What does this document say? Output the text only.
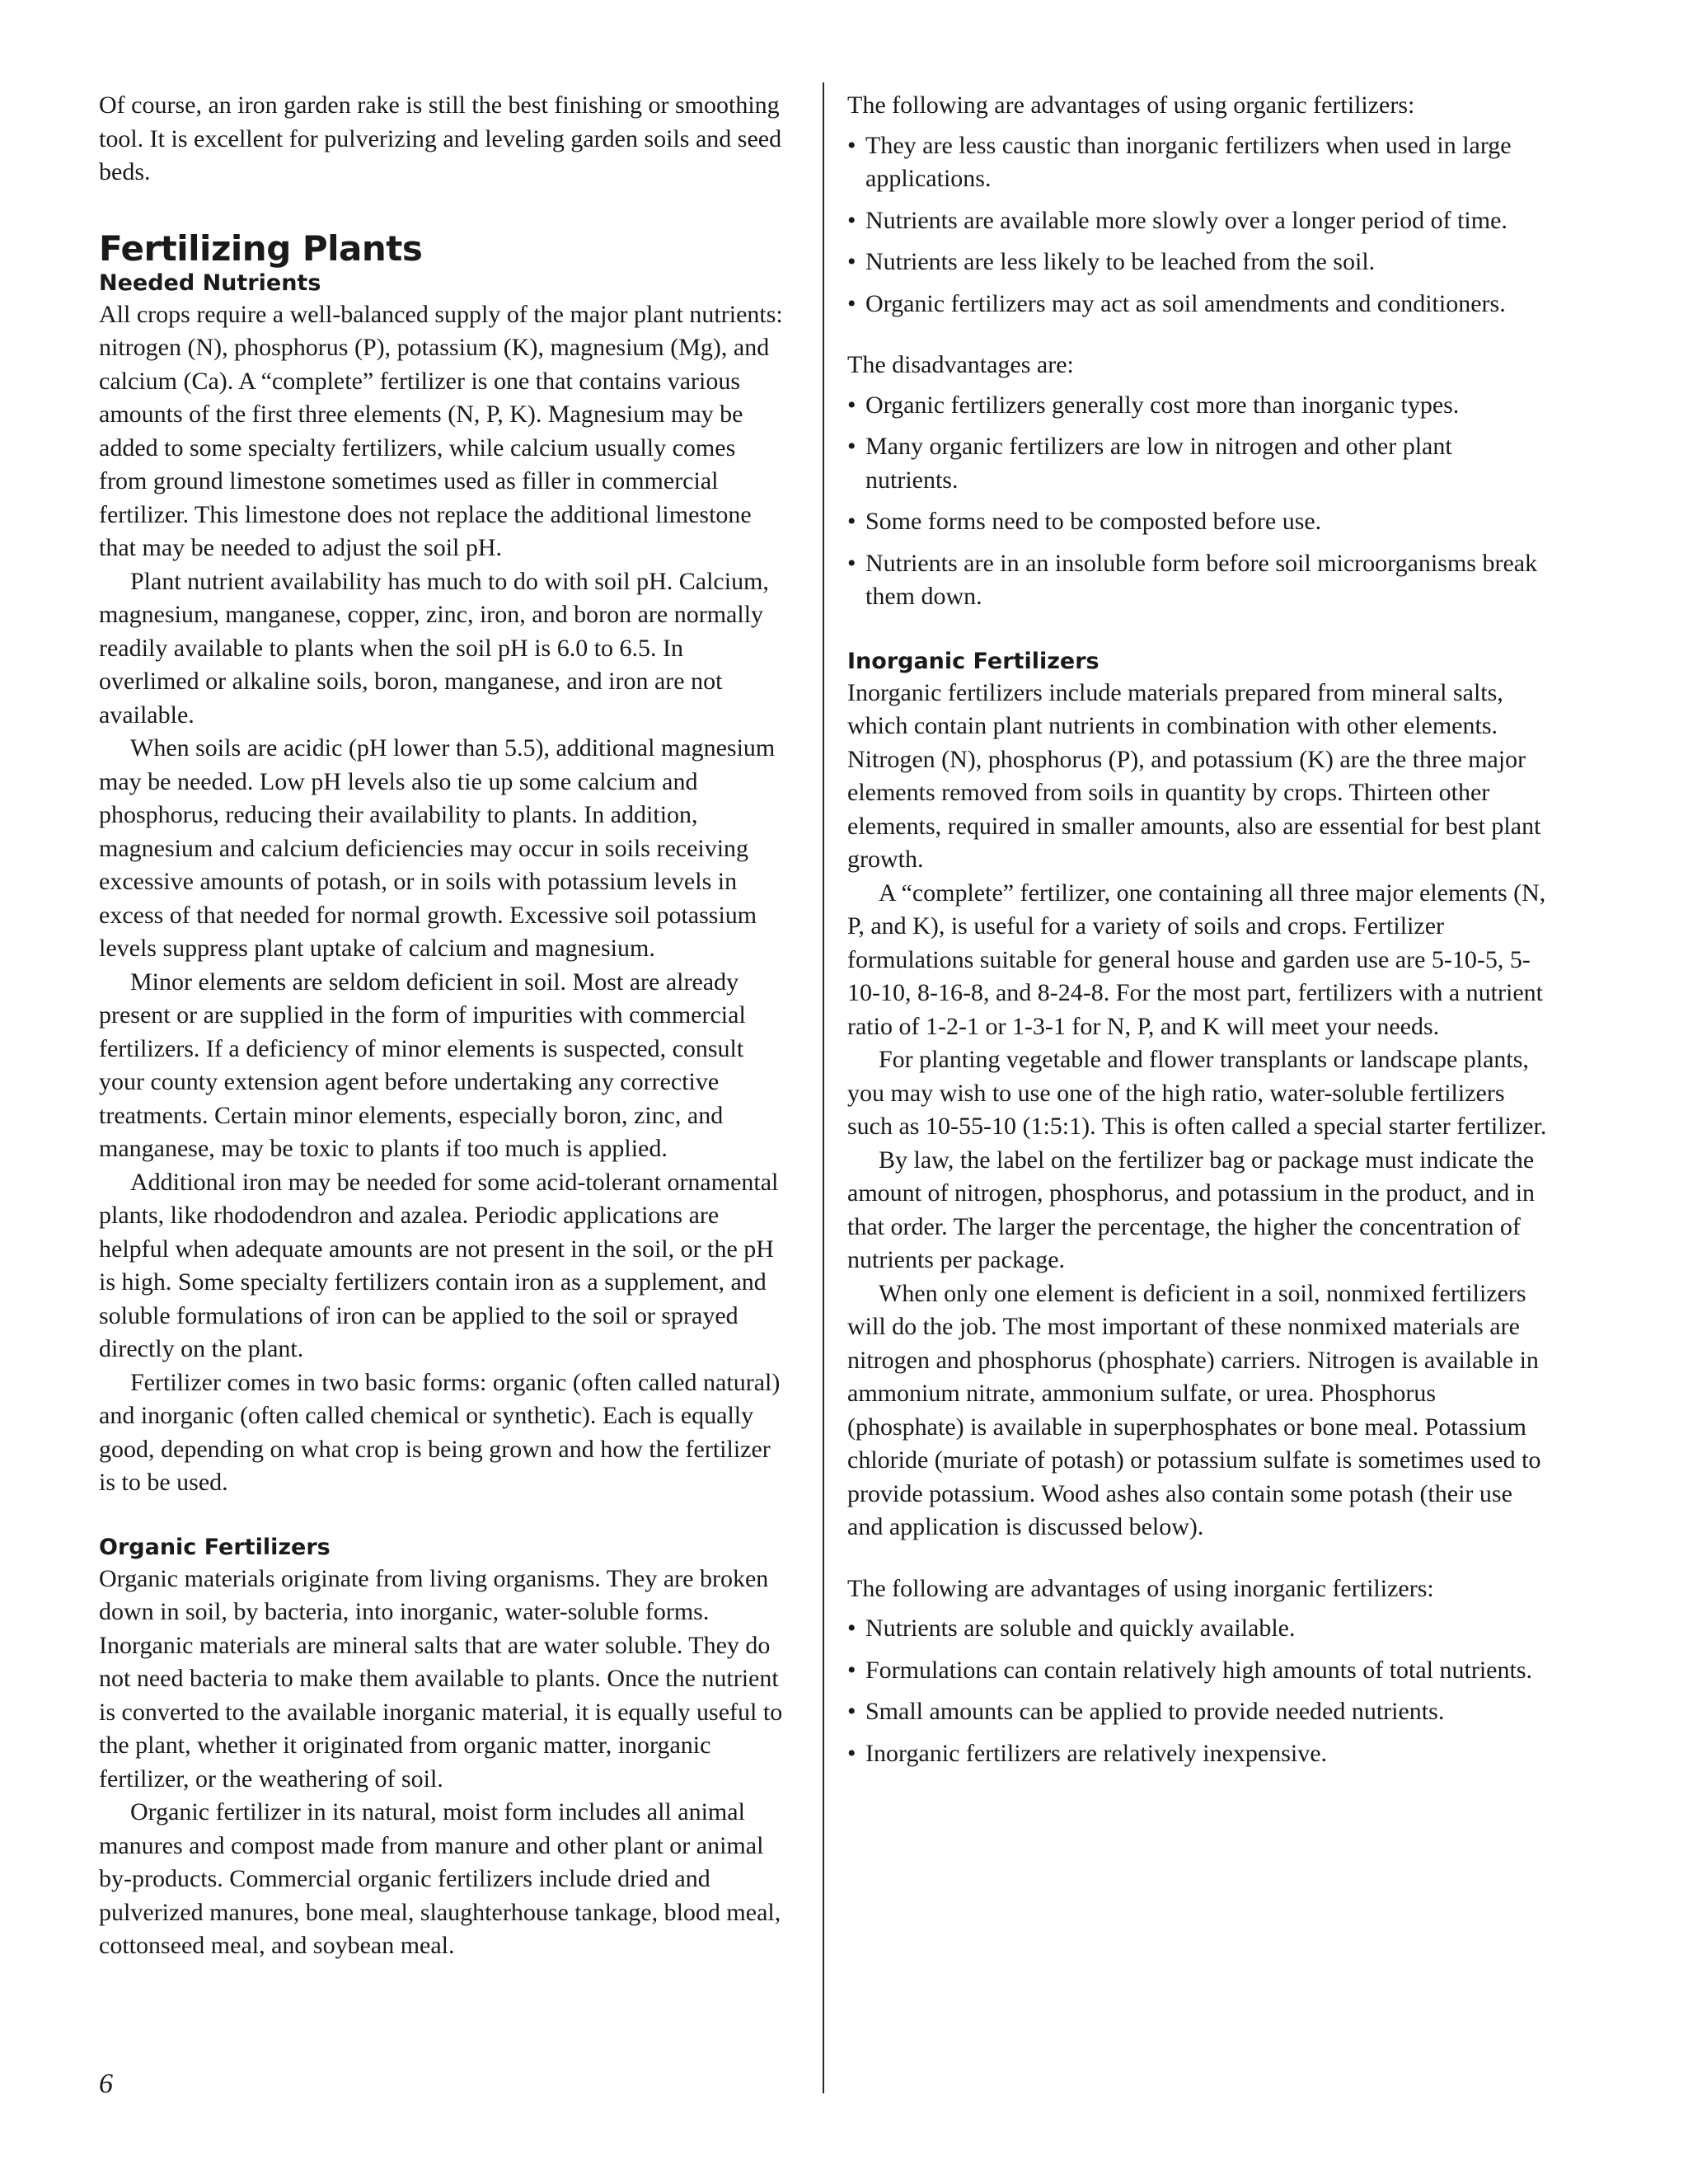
Of course, an iron garden rake is still the best finishing or smoothing tool. It is excellent for pulverizing and leveling garden soils and seed beds.

Fertilizing Plants
Needed Nutrients

All crops require a well-balanced supply of the major plant nutrients: nitrogen (N), phosphorus (P), potassium (K), magnesium (Mg), and calcium (Ca). A “complete” fertilizer is one that contains various amounts of the first three elements (N, P, K). Magnesium may be added to some specialty fertilizers, while calcium usually comes from ground limestone sometimes used as filler in commercial fertilizer. This limestone does not replace the additional limestone that may be needed to adjust the soil pH.

Plant nutrient availability has much to do with soil pH. Calcium, magnesium, manganese, copper, zinc, iron, and boron are normally readily available to plants when the soil pH is 6.0 to 6.5. In overlimed or alkaline soils, boron, manganese, and iron are not available.

When soils are acidic (pH lower than 5.5), additional magnesium may be needed. Low pH levels also tie up some calcium and phosphorus, reducing their availability to plants. In addition, magnesium and calcium deficiencies may occur in soils receiving excessive amounts of potash, or in soils with potassium levels in excess of that needed for normal growth. Excessive soil potassium levels suppress plant uptake of calcium and magnesium.

Minor elements are seldom deficient in soil. Most are already present or are supplied in the form of impurities with commercial fertilizers. If a deficiency of minor elements is suspected, consult your county extension agent before undertaking any corrective treatments. Certain minor elements, especially boron, zinc, and manganese, may be toxic to plants if too much is applied.

Additional iron may be needed for some acid-tolerant ornamental plants, like rhododendron and azalea. Periodic applications are helpful when adequate amounts are not present in the soil, or the pH is high. Some specialty fertilizers contain iron as a supplement, and soluble formulations of iron can be applied to the soil or sprayed directly on the plant.

Fertilizer comes in two basic forms: organic (often called natural) and inorganic (often called chemical or synthetic). Each is equally good, depending on what crop is being grown and how the fertilizer is to be used.

Organic Fertilizers

Organic materials originate from living organisms. They are broken down in soil, by bacteria, into inorganic, water-soluble forms. Inorganic materials are mineral salts that are water soluble. They do not need bacteria to make them available to plants. Once the nutrient is converted to the available inorganic material, it is equally useful to the plant, whether it originated from organic matter, inorganic fertilizer, or the weathering of soil.

Organic fertilizer in its natural, moist form includes all animal manures and compost made from manure and other plant or animal by-products. Commercial organic fertilizers include dried and pulverized manures, bone meal, slaughterhouse tankage, blood meal, cottonseed meal, and soybean meal.

The following are advantages of using organic fertilizers:

• They are less caustic than inorganic fertilizers when used in large applications.
• Nutrients are available more slowly over a longer period of time.
• Nutrients are less likely to be leached from the soil.
• Organic fertilizers may act as soil amendments and conditioners.

The disadvantages are:

• Organic fertilizers generally cost more than inorganic types.
• Many organic fertilizers are low in nitrogen and other plant nutrients.
• Some forms need to be composted before use.
• Nutrients are in an insoluble form before soil microorganisms break them down.
Inorganic Fertilizers

Inorganic fertilizers include materials prepared from mineral salts, which contain plant nutrients in combination with other elements. Nitrogen (N), phosphorus (P), and potassium (K) are the three major elements removed from soils in quantity by crops. Thirteen other elements, required in smaller amounts, also are essential for best plant growth.

A “complete” fertilizer, one containing all three major elements (N, P, and K), is useful for a variety of soils and crops. Fertilizer formulations suitable for general house and garden use are 5-10-5, 5-10-10, 8-16-8, and 8-24-8. For the most part, fertilizers with a nutrient ratio of 1-2-1 or 1-3-1 for N, P, and K will meet your needs.

For planting vegetable and flower transplants or landscape plants, you may wish to use one of the high ratio, water-soluble fertilizers such as 10-55-10 (1:5:1). This is often called a special starter fertilizer.

By law, the label on the fertilizer bag or package must indicate the amount of nitrogen, phosphorus, and potassium in the product, and in that order. The larger the percentage, the higher the concentration of nutrients per package.

When only one element is deficient in a soil, nonmixed fertilizers will do the job. The most important of these nonmixed materials are nitrogen and phosphorus (phosphate) carriers. Nitrogen is available in ammonium nitrate, ammonium sulfate, or urea. Phosphorus (phosphate) is available in superphosphates or bone meal. Potassium chloride (muriate of potash) or potassium sulfate is sometimes used to provide potassium. Wood ashes also contain some potash (their use and application is discussed below).

The following are advantages of using inorganic fertilizers:

• Nutrients are soluble and quickly available.
• Formulations can contain relatively high amounts of total nutrients.
• Small amounts can be applied to provide needed nutrients.
• Inorganic fertilizers are relatively inexpensive.
6
